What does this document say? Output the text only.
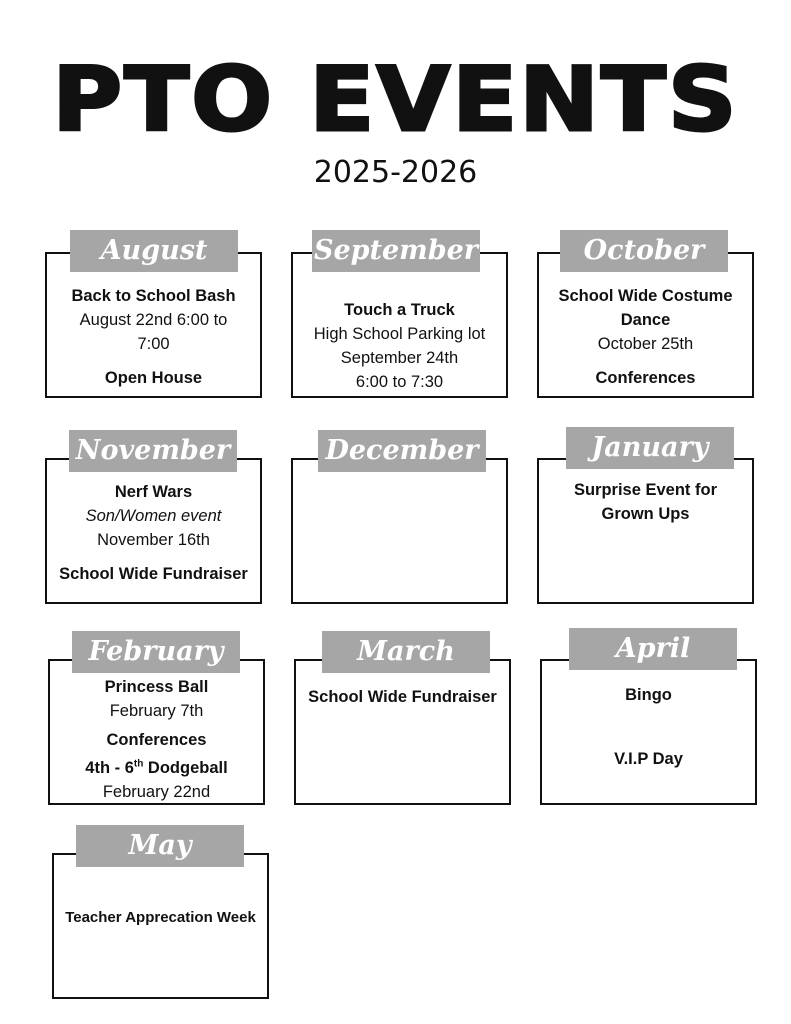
PTO EVENTS
2025-2026
Back to School Bash
August 22nd 6:00 to
7:00
Open House
August
Touch a Truck
High School Parking lot
September 24th
6:00 to 7:30
September
School Wide Costume
Dance
October 25th
Conferences
October
Nerf Wars
Son/Women event
November 16th
School Wide Fundraiser
November	December
Surprise Event for
Grown Ups
January
Princess Ball
February 7th
Conferences
4th - 6th Dodgeball
February 22nd
February
School Wide Fundraiser
March
Bingo
V.I.P Day
April
Teacher Apprecation Week
May
